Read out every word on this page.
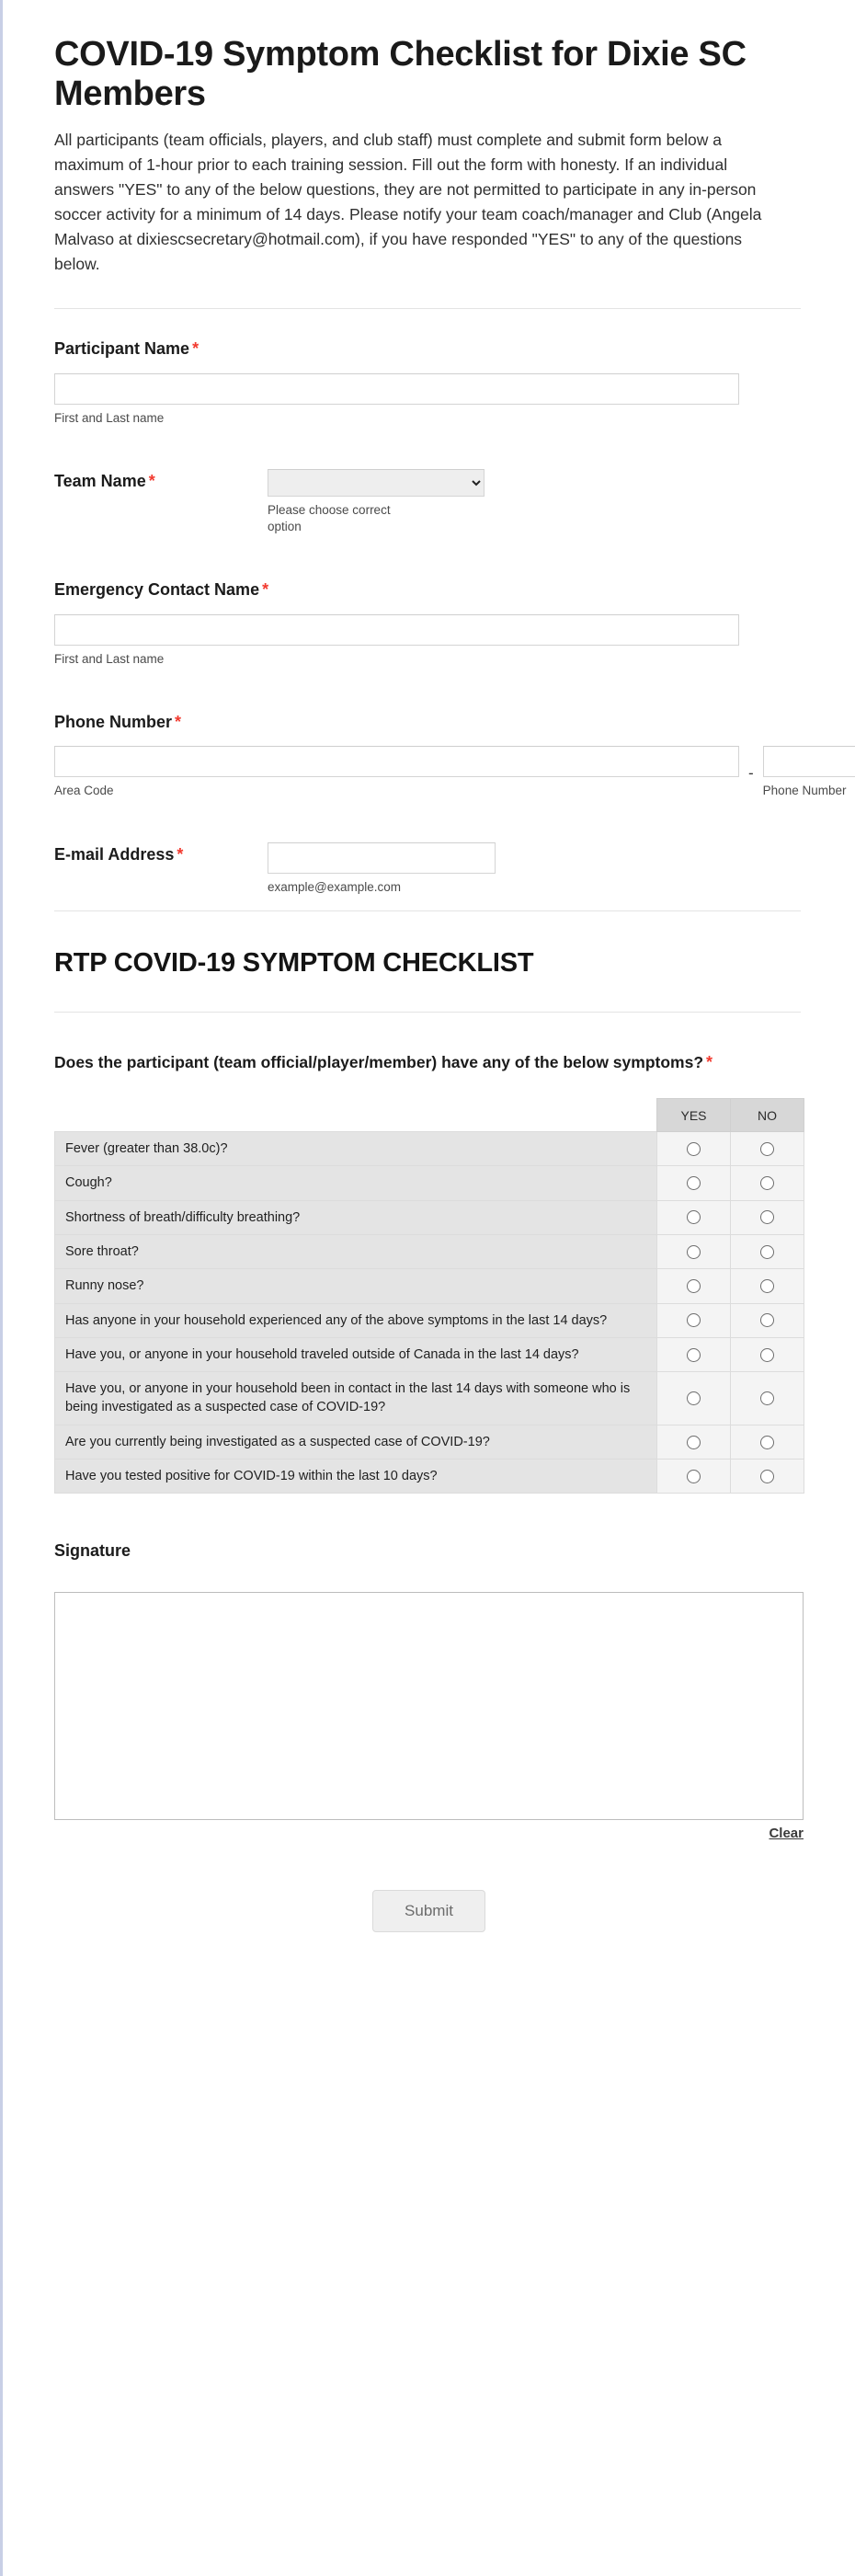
COVID-19 Symptom Checklist for Dixie SC Members

All participants (team officials, players, and club staff) must complete and submit form below a maximum of 1-hour prior to each training session. Fill out the form with honesty. If an individual answers "YES" to any of the below questions, they are not permitted to participate in any in-person soccer activity for a minimum of 14 days. Please notify your team coach/manager and Club (Angela Malvaso at dixiescsecretary@hotmail.com), if you have responded "YES" to any of the questions below.

Participant Name *
First and Last name
Team Name *
Please choose correct option
Emergency Contact Name *
First and Last name
Phone Number *
Area Code
-
Phone Number
E-mail Address *
example@example.com
RTP COVID-19 SYMPTOM CHECKLIST
Does the participant (team official/player/member) have any of the below symptoms? *
	YES	NO
Fever (greater than 38.0c)?		
Cough?		
Shortness of breath/difficulty breathing?		
Sore throat?		
Runny nose?		
Has anyone in your household experienced any of the above symptoms in the last 14 days?		
Have you, or anyone in your household traveled outside of Canada in the last 14 days?		
Have you, or anyone in your household been in contact in the last 14 days with someone who is being investigated as a suspected case of COVID-19?		
Are you currently being investigated as a suspected case of COVID-19?		
Have you tested positive for COVID-19 within the last 10 days?		
Signature
Clear
Submit
